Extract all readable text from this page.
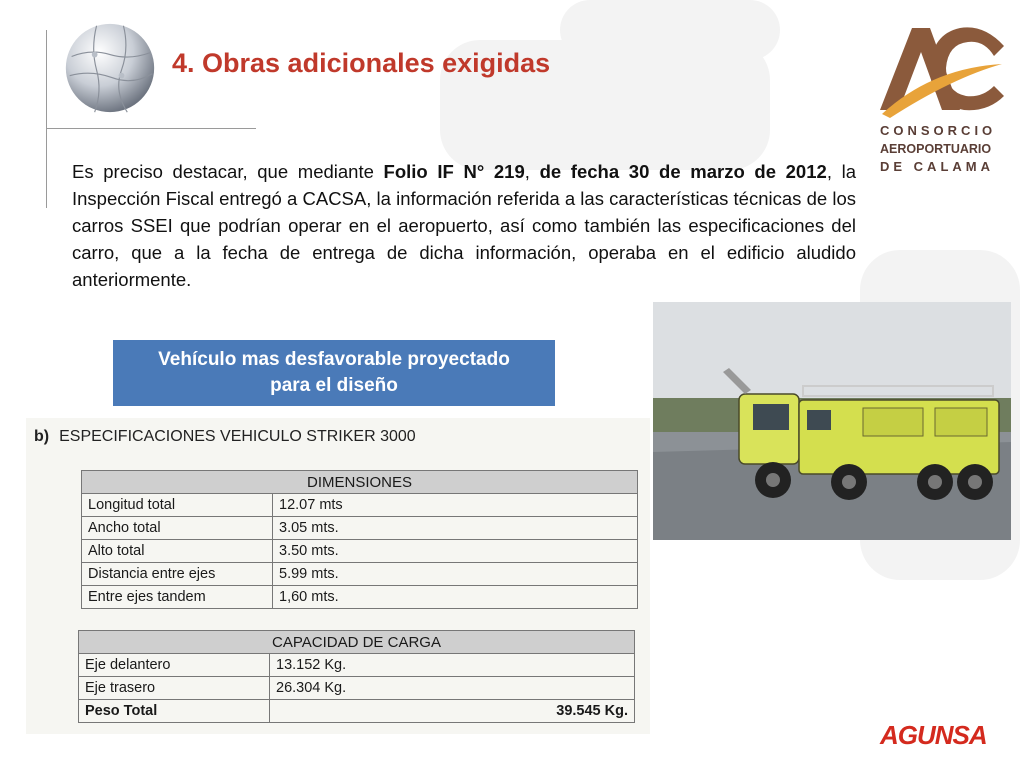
4. Obras adicionales exigidas
CONSORCIO
AEROPORTUARIO
DE CALAMA
Es preciso destacar, que mediante Folio IF N° 219, de fecha 30 de marzo de 2012, la Inspección Fiscal entregó a CACSA, la información referida a las características técnicas de los carros SSEI que podrían operar en el aeropuerto, así como también las especificaciones del carro, que a la fecha de entrega de dicha información, operaba en el edificio aludido anteriormente.
Vehículo mas desfavorable proyectado
para el diseño
b) ESPECIFICACIONES VEHICULO STRIKER 3000
DIMENSIONES	
Longitud total	12.07 mts
Ancho total	3.05 mts.
Alto total	3.50 mts.
Distancia entre ejes	5.99 mts.
Entre ejes tandem	1,60 mts.
CAPACIDAD DE CARGA	
Eje delantero	13.152 Kg.
Eje trasero	26.304 Kg.
Peso Total	39.545 Kg.
AGUNSA
